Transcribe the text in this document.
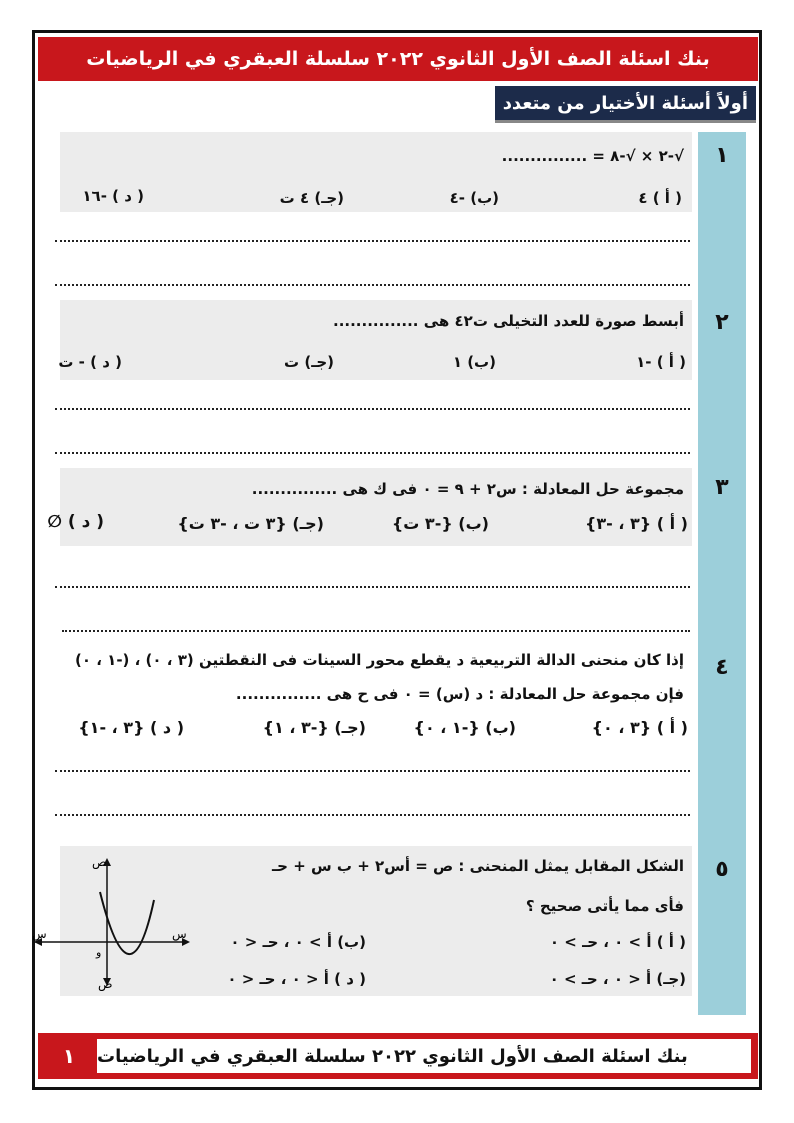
بنك اسئلة الصف الأول الثانوي ٢٠٢٢ سلسلة العبقري في الرياضيات
أولاً أسئلة الأختيار من متعدد
١
√‎-٢ × √‎-٨ = ...............
( أ ) ٤
(ب) -٤
(جـ) ٤ ت
( د ) -١٦
٢
أبسط صورة للعدد التخيلى ت٤٢ هى ...............
( أ ) -١
(ب) ١
(جـ) ت
( د ) - ت
٣
مجموعة حل المعادلة : س٢ + ٩ = ٠ فى ك هى ...............
( أ ) {٣ ، -٣}
(ب) {-٣ ت}
(جـ) {٣ ت ، -٣ ت}
( د ) ∅
٤
إذا كان منحنى الدالة التربيعية د يقطع محور السينات فى النقطتين (٣ ، ٠) ، (-١ ، ٠)
فإن مجموعة حل المعادلة : د (س) = ٠ فى ح هى ...............
( أ ) {٣ ، ٠}
(ب) {-١ ، ٠}
(جـ) {-٣ ، ١}
( د ) {٣ ، -١}
٥
الشكل المقابل يمثل المنحنى : ص = أس٢ + ب س + حـ
فأى مما يأتى صحيح ؟
( أ ) أ > ٠ ، حـ > ٠
(ب) أ > ٠ ، حـ < ٠
(جـ) أ < ٠ ، حـ > ٠
( د ) أ < ٠ ، حـ < ٠
ص
س
س
ص
و
بنك اسئلة الصف الأول الثانوي ٢٠٢٢ سلسلة العبقري في الرياضيات
١
